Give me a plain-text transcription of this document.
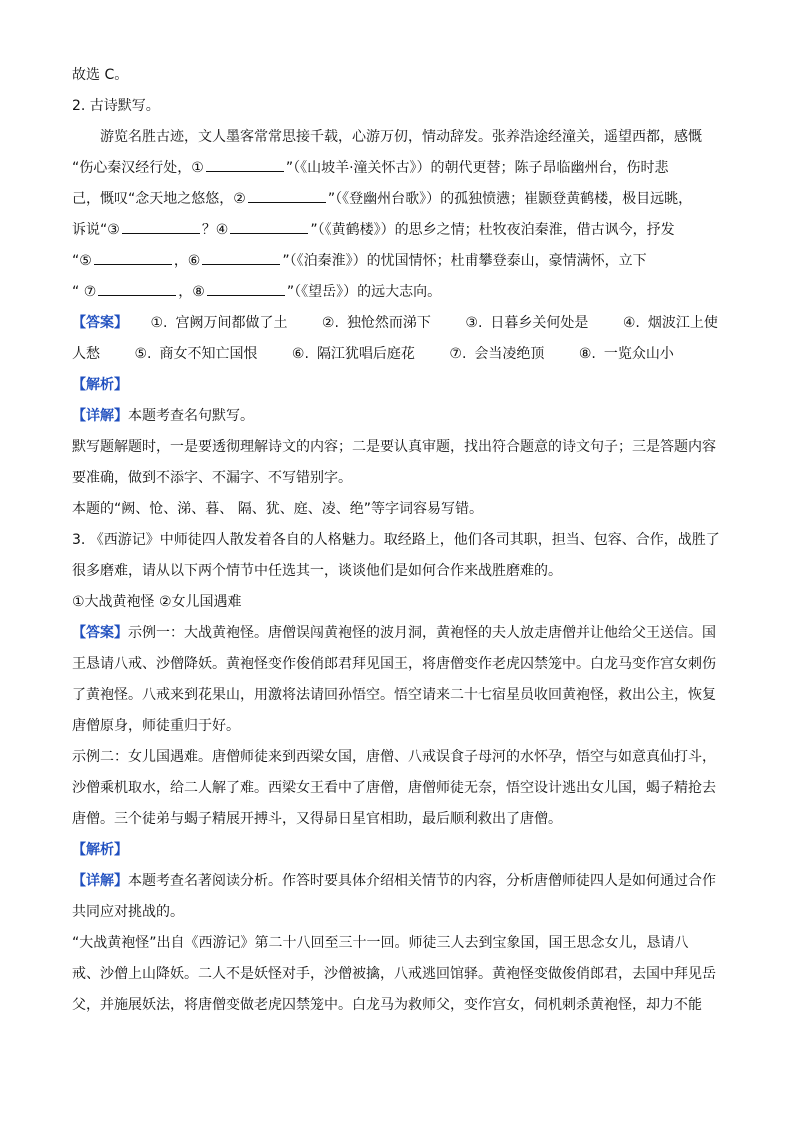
故选 C。
2. 古诗默写。
游览名胜古迹，文人墨客常常思接千载，心游万仞，情动辞发。张养浩途经潼关，遥望西都，感慨
“伤心秦汉经行处，①	”（《山坡羊·潼关怀古》）的朝代更替；陈子昂临幽州台，伤时悲
己，慨叹“念天地之悠悠，②	”（《登幽州台歌》）的孤独愤懑；崔颢登黄鹤楼，极目远眺，
诉说“③	？④	”（《黄鹤楼》）的思乡之情；杜牧夜泊秦淮，借古讽今，抒发
“⑤	，⑥	”（《泊秦淮》）的忧国情怀；杜甫攀登泰山，豪情满怀，立下
“ ⑦	，⑧	”（《望岳》）的远大志向。
【答案】 ①. 宫阙万间都做了土 ②. 独怆然而涕下 ③. 日暮乡关何处是 ④. 烟波江上使
人愁 ⑤. 商女不知亡国恨 ⑥. 隔江犹唱后庭花 ⑦. 会当凌绝顶 ⑧. 一览众山小
【解析】
【详解】本题考查名句默写。
默写题解题时，一是要透彻理解诗文的内容；二是要认真审题，找出符合题意的诗文句子；三是答题内容
要准确，做到不添字、不漏字、不写错别字。
本题的“阙、怆、涕、暮、 隔、犹、庭、凌、绝”等字词容易写错。
3. 《西游记》中师徒四人散发着各自的人格魅力。取经路上，他们各司其职，担当、包容、合作，战胜了
很多磨难，请从以下两个情节中任选其一，谈谈他们是如何合作来战胜磨难的。
①大战黄袍怪 ②女儿国遇难
【答案】示例一：大战黄袍怪。唐僧误闯黄袍怪的波月洞，黄袍怪的夫人放走唐僧并让他给父王送信。国
王恳请八戒、沙僧降妖。黄袍怪变作俊俏郎君拜见国王，将唐僧变作老虎囚禁笼中。白龙马变作宫女刺伤
了黄袍怪。八戒来到花果山，用激将法请回孙悟空。悟空请来二十七宿星员收回黄袍怪，救出公主，恢复
唐僧原身，师徒重归于好。
示例二：女儿国遇难。唐僧师徒来到西梁女国，唐僧、八戒误食子母河的水怀孕，悟空与如意真仙打斗，
沙僧乘机取水，给二人解了难。西梁女王看中了唐僧，唐僧师徒无奈，悟空设计逃出女儿国，蝎子精抢去
唐僧。三个徒弟与蝎子精展开搏斗，又得昴日星官相助，最后顺利救出了唐僧。
【解析】
【详解】本题考查名著阅读分析。作答时要具体介绍相关情节的内容，分析唐僧师徒四人是如何通过合作
共同应对挑战的。
“大战黄袍怪”出自《西游记》第二十八回至三十一回。师徒三人去到宝象国，国王思念女儿，恳请八
戒、沙僧上山降妖。二人不是妖怪对手，沙僧被擒，八戒逃回馆驿。黄袍怪变做俊俏郎君，去国中拜见岳
父，并施展妖法，将唐僧变做老虎囚禁笼中。白龙马为救师父，变作宫女，伺机刺杀黄袍怪，却力不能
